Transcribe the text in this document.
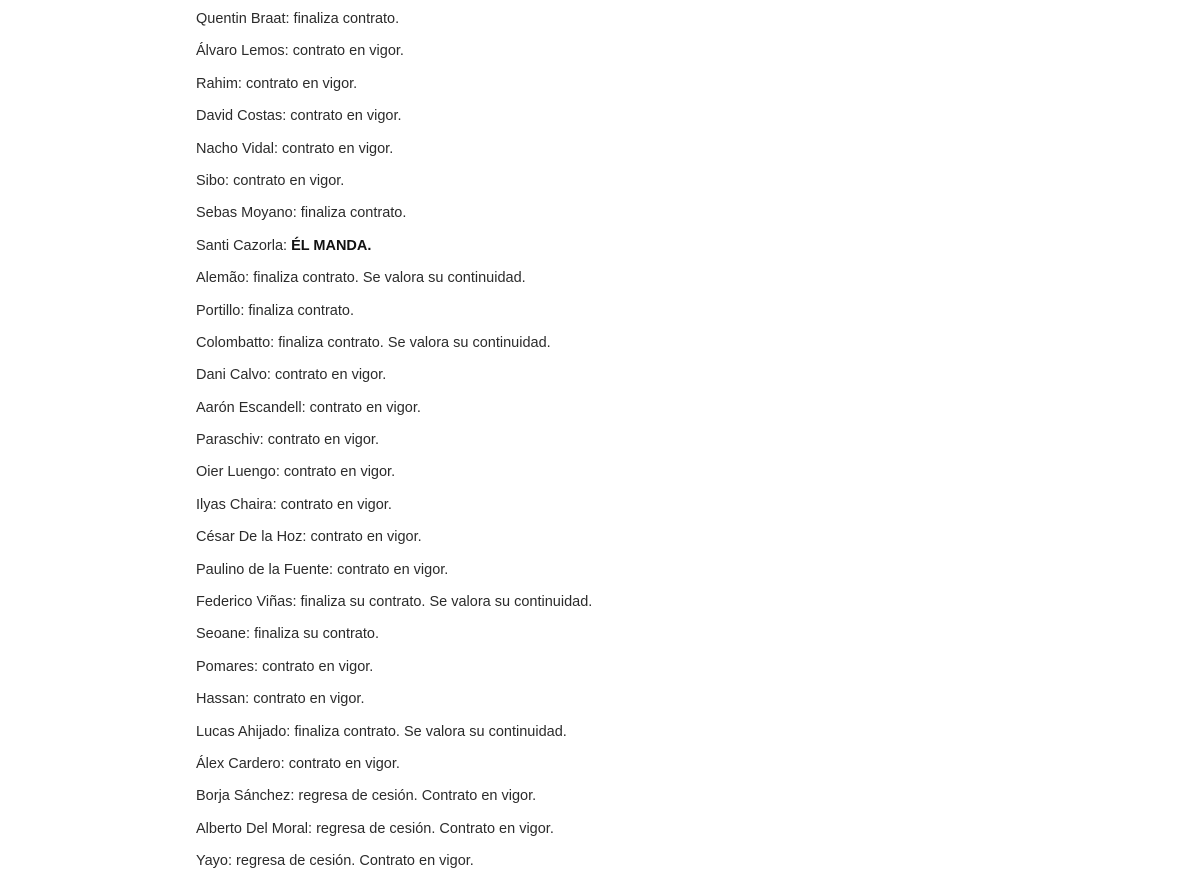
Quentin Braat: finaliza contrato.
Álvaro Lemos: contrato en vigor.
Rahim: contrato en vigor.
David Costas: contrato en vigor.
Nacho Vidal: contrato en vigor.
Sibo: contrato en vigor.
Sebas Moyano: finaliza contrato.
Santi Cazorla: ÉL MANDA.
Alemão: finaliza contrato. Se valora su continuidad.
Portillo: finaliza contrato.
Colombatto: finaliza contrato. Se valora su continuidad.
Dani Calvo: contrato en vigor.
Aarón Escandell: contrato en vigor.
Paraschiv: contrato en vigor.
Oier Luengo: contrato en vigor.
Ilyas Chaira: contrato en vigor.
César De la Hoz: contrato en vigor.
Paulino de la Fuente: contrato en vigor.
Federico Viñas: finaliza su contrato. Se valora su continuidad.
Seoane: finaliza su contrato.
Pomares: contrato en vigor.
Hassan: contrato en vigor.
Lucas Ahijado: finaliza contrato. Se valora su continuidad.
Álex Cardero: contrato en vigor.
Borja Sánchez: regresa de cesión. Contrato en vigor.
Alberto Del Moral: regresa de cesión. Contrato en vigor.
Yayo: regresa de cesión. Contrato en vigor.
